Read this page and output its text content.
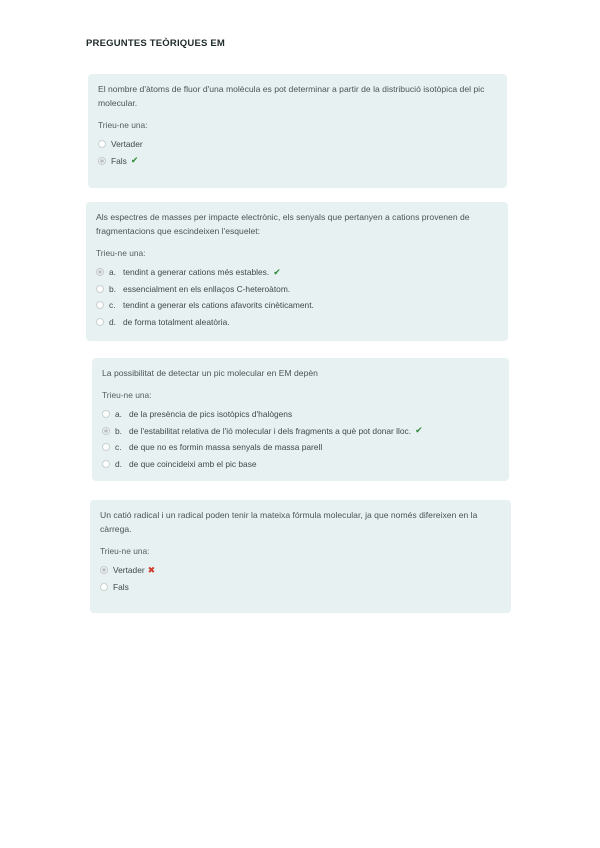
PREGUNTES TEÒRIQUES EM

El nombre d'àtoms de fluor d'una molècula es pot determinar a partir de la distribució isotòpica del pic molecular.

Trieu-ne una:
Vertader
Fals ✔

Als espectres de masses per impacte electrònic, els senyals que pertanyen a cations provenen de fragmentacions que escindeixen l'esquelet:

Trieu-ne una:
a. tendint a generar cations més estables. ✔
b. essencialment en els enllaços C-heteroàtom.
c. tendint a generar els cations afavorits cinèticament.
d. de forma totalment aleatòria.

La possibilitat de detectar un pic molecular en EM depèn

Trieu-ne una:
a. de la presència de pics isotòpics d'halògens
b. de l'estabilitat relativa de l'ió molecular i dels fragments a què pot donar lloc. ✔
c. de que no es formin massa senyals de massa parell
d. de que coincideixi amb el pic base

Un catió radical i un radical poden tenir la mateixa fórmula molecular, ja que només difereixen en la càrrega.

Trieu-ne una:
Vertader ✖
Fals
